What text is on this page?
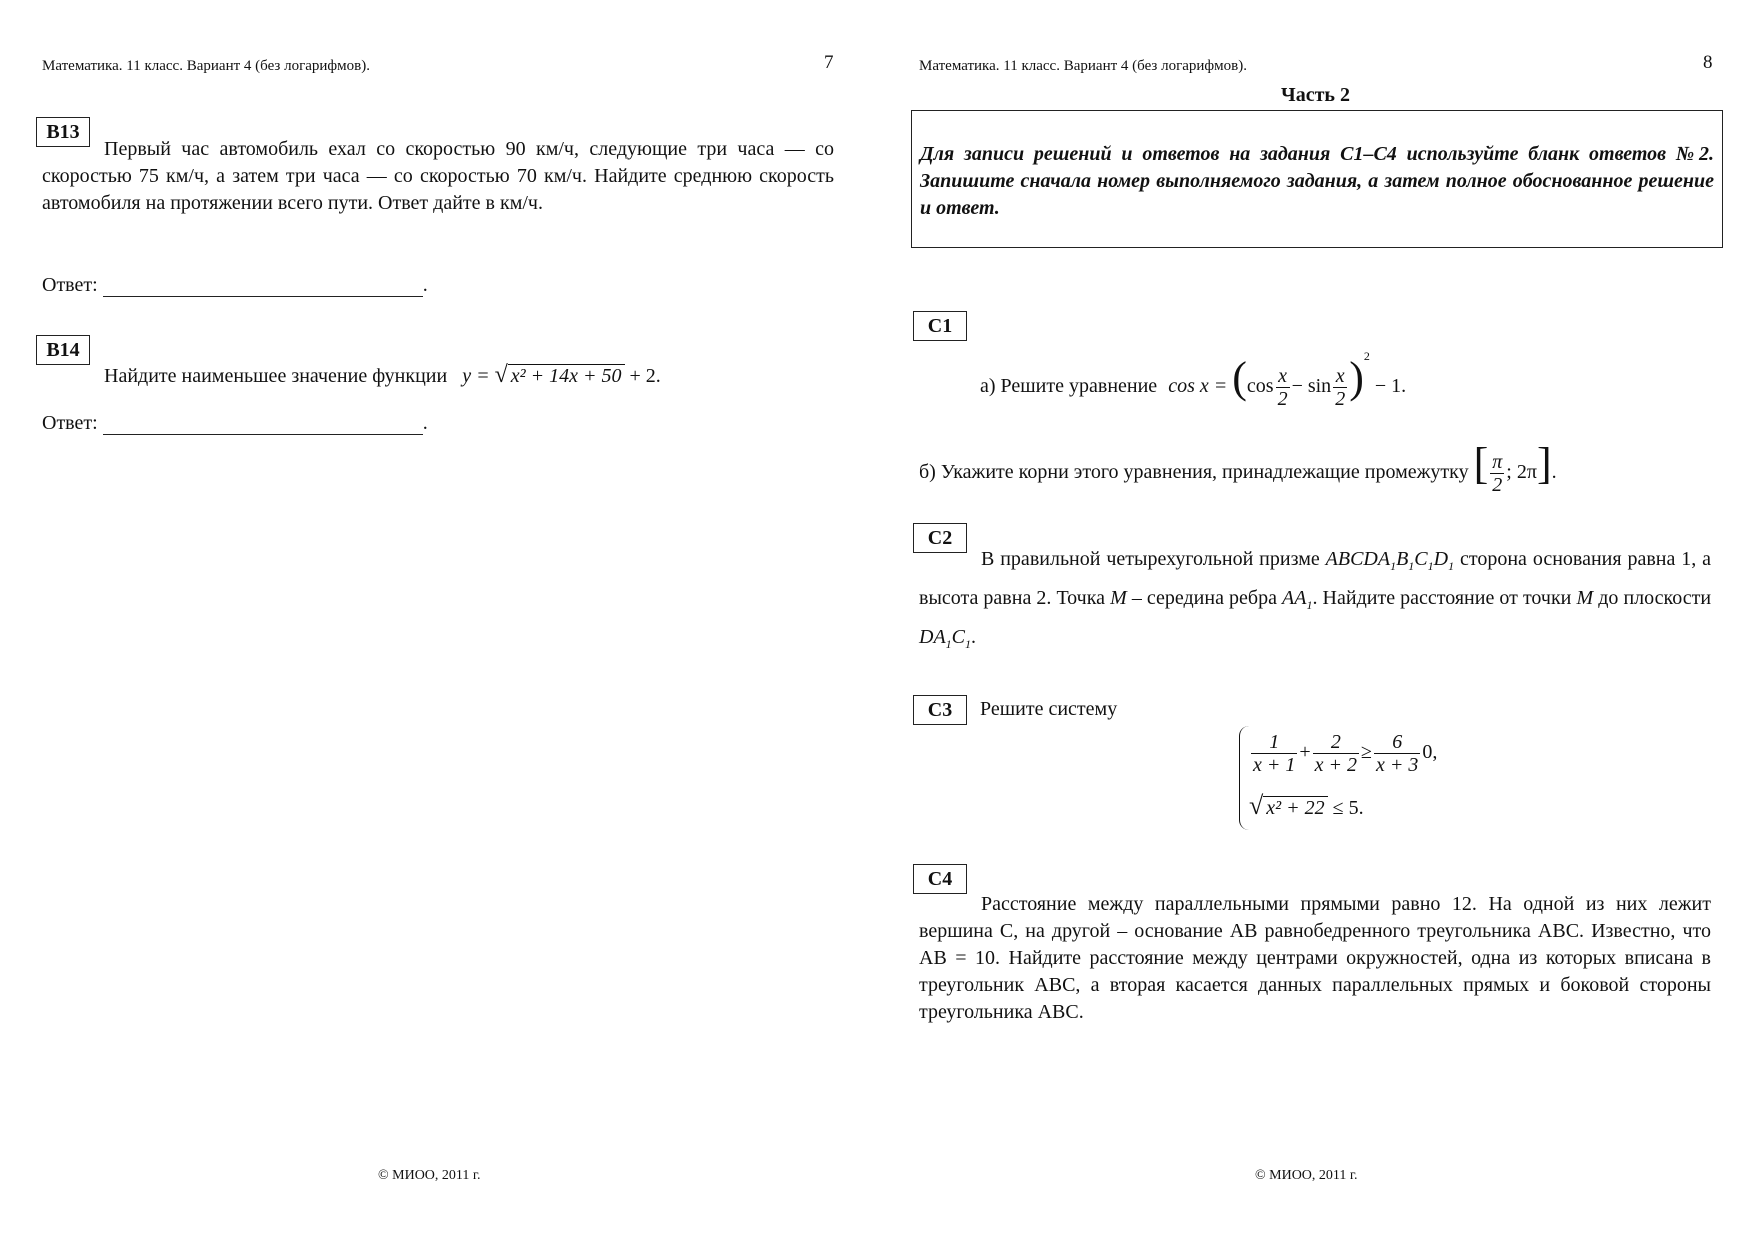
Математика. 11 класс. Вариант 4 (без логарифмов).	7
B13
Первый час автомобиль ехал со скоростью 90 км/ч, следующие три часа — со скоростью 75 км/ч, а затем три часа — со скоростью 70 км/ч. Найдите среднюю скорость автомобиля на протяжении всего пути. Ответ дайте в км/ч.
Ответ:	.
B14
Найдите наименьшее значение функции y = √ x² + 14x + 50 + 2.
Ответ:	.
© МИОО, 2011 г.
Математика. 11 класс. Вариант 4 (без логарифмов).	8
Часть 2
Для записи решений и ответов на задания С1–С4 используйте бланк ответов №2. Запишите сначала номер выполняемого задания, а затем полное обоснованное решение и ответ.
C1
а) Решите уравнение $\cos x = (\cos \frac{x}{2} - \sin \frac{x}{2} )^2 - 1$.
б) Укажите корни этого уравнения, принадлежащие промежутку [ $\frac{\pi}{2}$ ; 2π].
C2
В правильной четырехугольной призме $ABCDA_1B_1C_1D_1$ сторона основания равна 1, а высота равна 2. Точка M – середина ребра $AA_1$. Найдите расстояние от точки M до плоскости $DA_1C_1$.
C3	Решите систему
$\frac{1}{x + 1} + \frac{2}{x + 2} \ge \frac{6}{x + 3} 0$,
√ x² + 22 ≤ 5.
C4
Расстояние между параллельными прямыми равно 12. На одной из них лежит вершина C, на другой – основание AB равнобедренного треугольника ABC. Известно, что AB = 10. Найдите расстояние между центрами окружностей, одна из которых вписана в треугольник ABC, а вторая касается данных параллельных прямых и боковой стороны треугольника ABC.
© МИОО, 2011 г.
